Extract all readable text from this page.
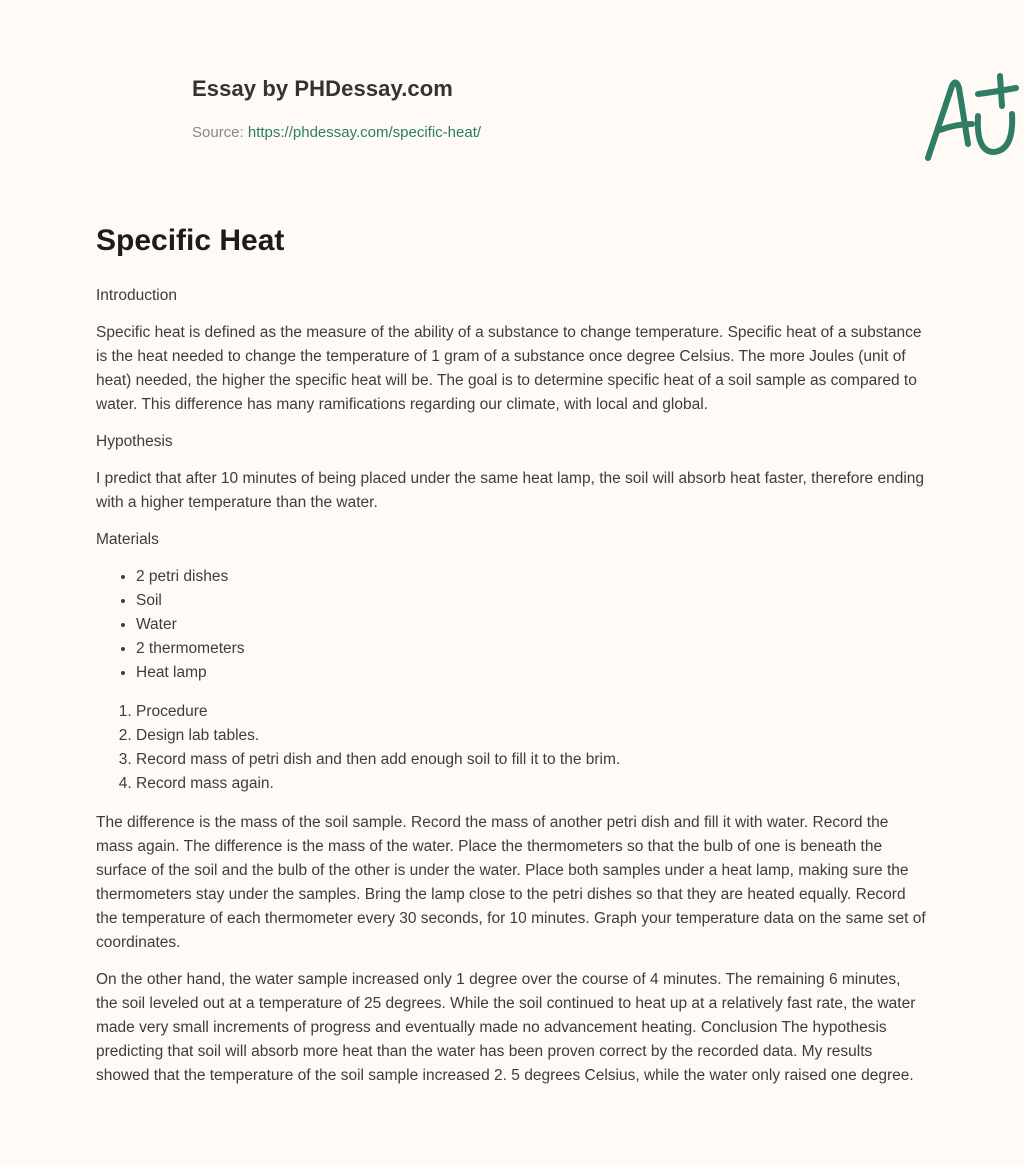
Essay by PHDessay.com
Source: https://phdessay.com/specific-heat/
Specific Heat

Introduction

Specific heat is defined as the measure of the ability of a substance to change temperature. Specific heat of a substance is the heat needed to change the temperature of 1 gram of a substance once degree Celsius. The more Joules (unit of heat) needed, the higher the specific heat will be. The goal is to determine specific heat of a soil sample as compared to water. This difference has many ramifications regarding our climate, with local and global.

Hypothesis

I predict that after 10 minutes of being placed under the same heat lamp, the soil will absorb heat faster, therefore ending with a higher temperature than the water.

Materials

• 2 petri dishes
• Soil
• Water
• 2 thermometers
• Heat lamp
1. Procedure
2. Design lab tables.
3. Record mass of petri dish and then add enough soil to fill it to the brim.
4. Record mass again.

The difference is the mass of the soil sample. Record the mass of another petri dish and fill it with water. Record the mass again. The difference is the mass of the water. Place the thermometers so that the bulb of one is beneath the surface of the soil and the bulb of the other is under the water. Place both samples under a heat lamp, making sure the thermometers stay under the samples. Bring the lamp close to the petri dishes so that they are heated equally. Record the temperature of each thermometer every 30 seconds, for 10 minutes. Graph your temperature data on the same set of coordinates.

On the other hand, the water sample increased only 1 degree over the course of 4 minutes. The remaining 6 minutes, the soil leveled out at a temperature of 25 degrees. While the soil continued to heat up at a relatively fast rate, the water made very small increments of progress and eventually made no advancement heating. Conclusion The hypothesis predicting that soil will absorb more heat than the water has been proven correct by the recorded data. My results showed that the temperature of the soil sample increased 2. 5 degrees Celsius, while the water only raised one degree.
